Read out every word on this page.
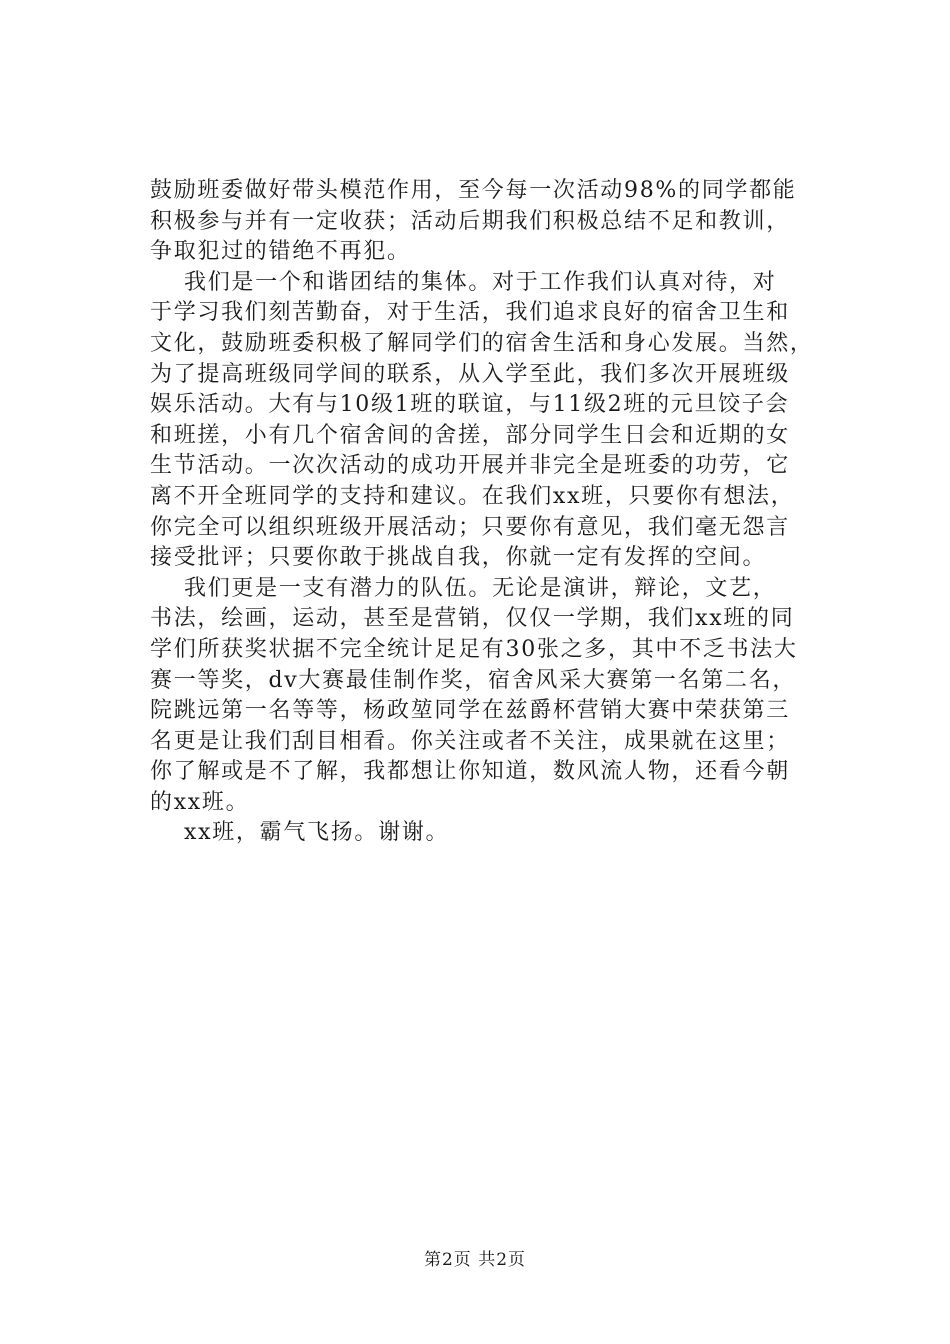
鼓励班委做好带头模范作用，至今每一次活动98%的同学都能
积极参与并有一定收获；活动后期我们积极总结不足和教训，
争取犯过的错绝不再犯。
我们是一个和谐团结的集体。对于工作我们认真对待，对
于学习我们刻苦勤奋，对于生活，我们追求良好的宿舍卫生和
文化，鼓励班委积极了解同学们的宿舍生活和身心发展。当然，
为了提高班级同学间的联系，从入学至此，我们多次开展班级
娱乐活动。大有与10级1班的联谊，与11级2班的元旦饺子会
和班搓，小有几个宿舍间的舍搓，部分同学生日会和近期的女
生节活动。一次次活动的成功开展并非完全是班委的功劳，它
离不开全班同学的支持和建议。在我们xx班，只要你有想法，
你完全可以组织班级开展活动；只要你有意见，我们毫无怨言
接受批评；只要你敢于挑战自我，你就一定有发挥的空间。
我们更是一支有潜力的队伍。无论是演讲，辩论，文艺，
书法，绘画，运动，甚至是营销，仅仅一学期，我们xx班的同
学们所获奖状据不完全统计足足有30张之多，其中不乏书法大
赛一等奖，dv大赛最佳制作奖，宿舍风采大赛第一名第二名，
院跳远第一名等等，杨政堃同学在兹爵杯营销大赛中荣获第三
名更是让我们刮目相看。你关注或者不关注，成果就在这里；
你了解或是不了解，我都想让你知道，数风流人物，还看今朝
的xx班。
xx班，霸气飞扬。谢谢。
第2页 共2页
